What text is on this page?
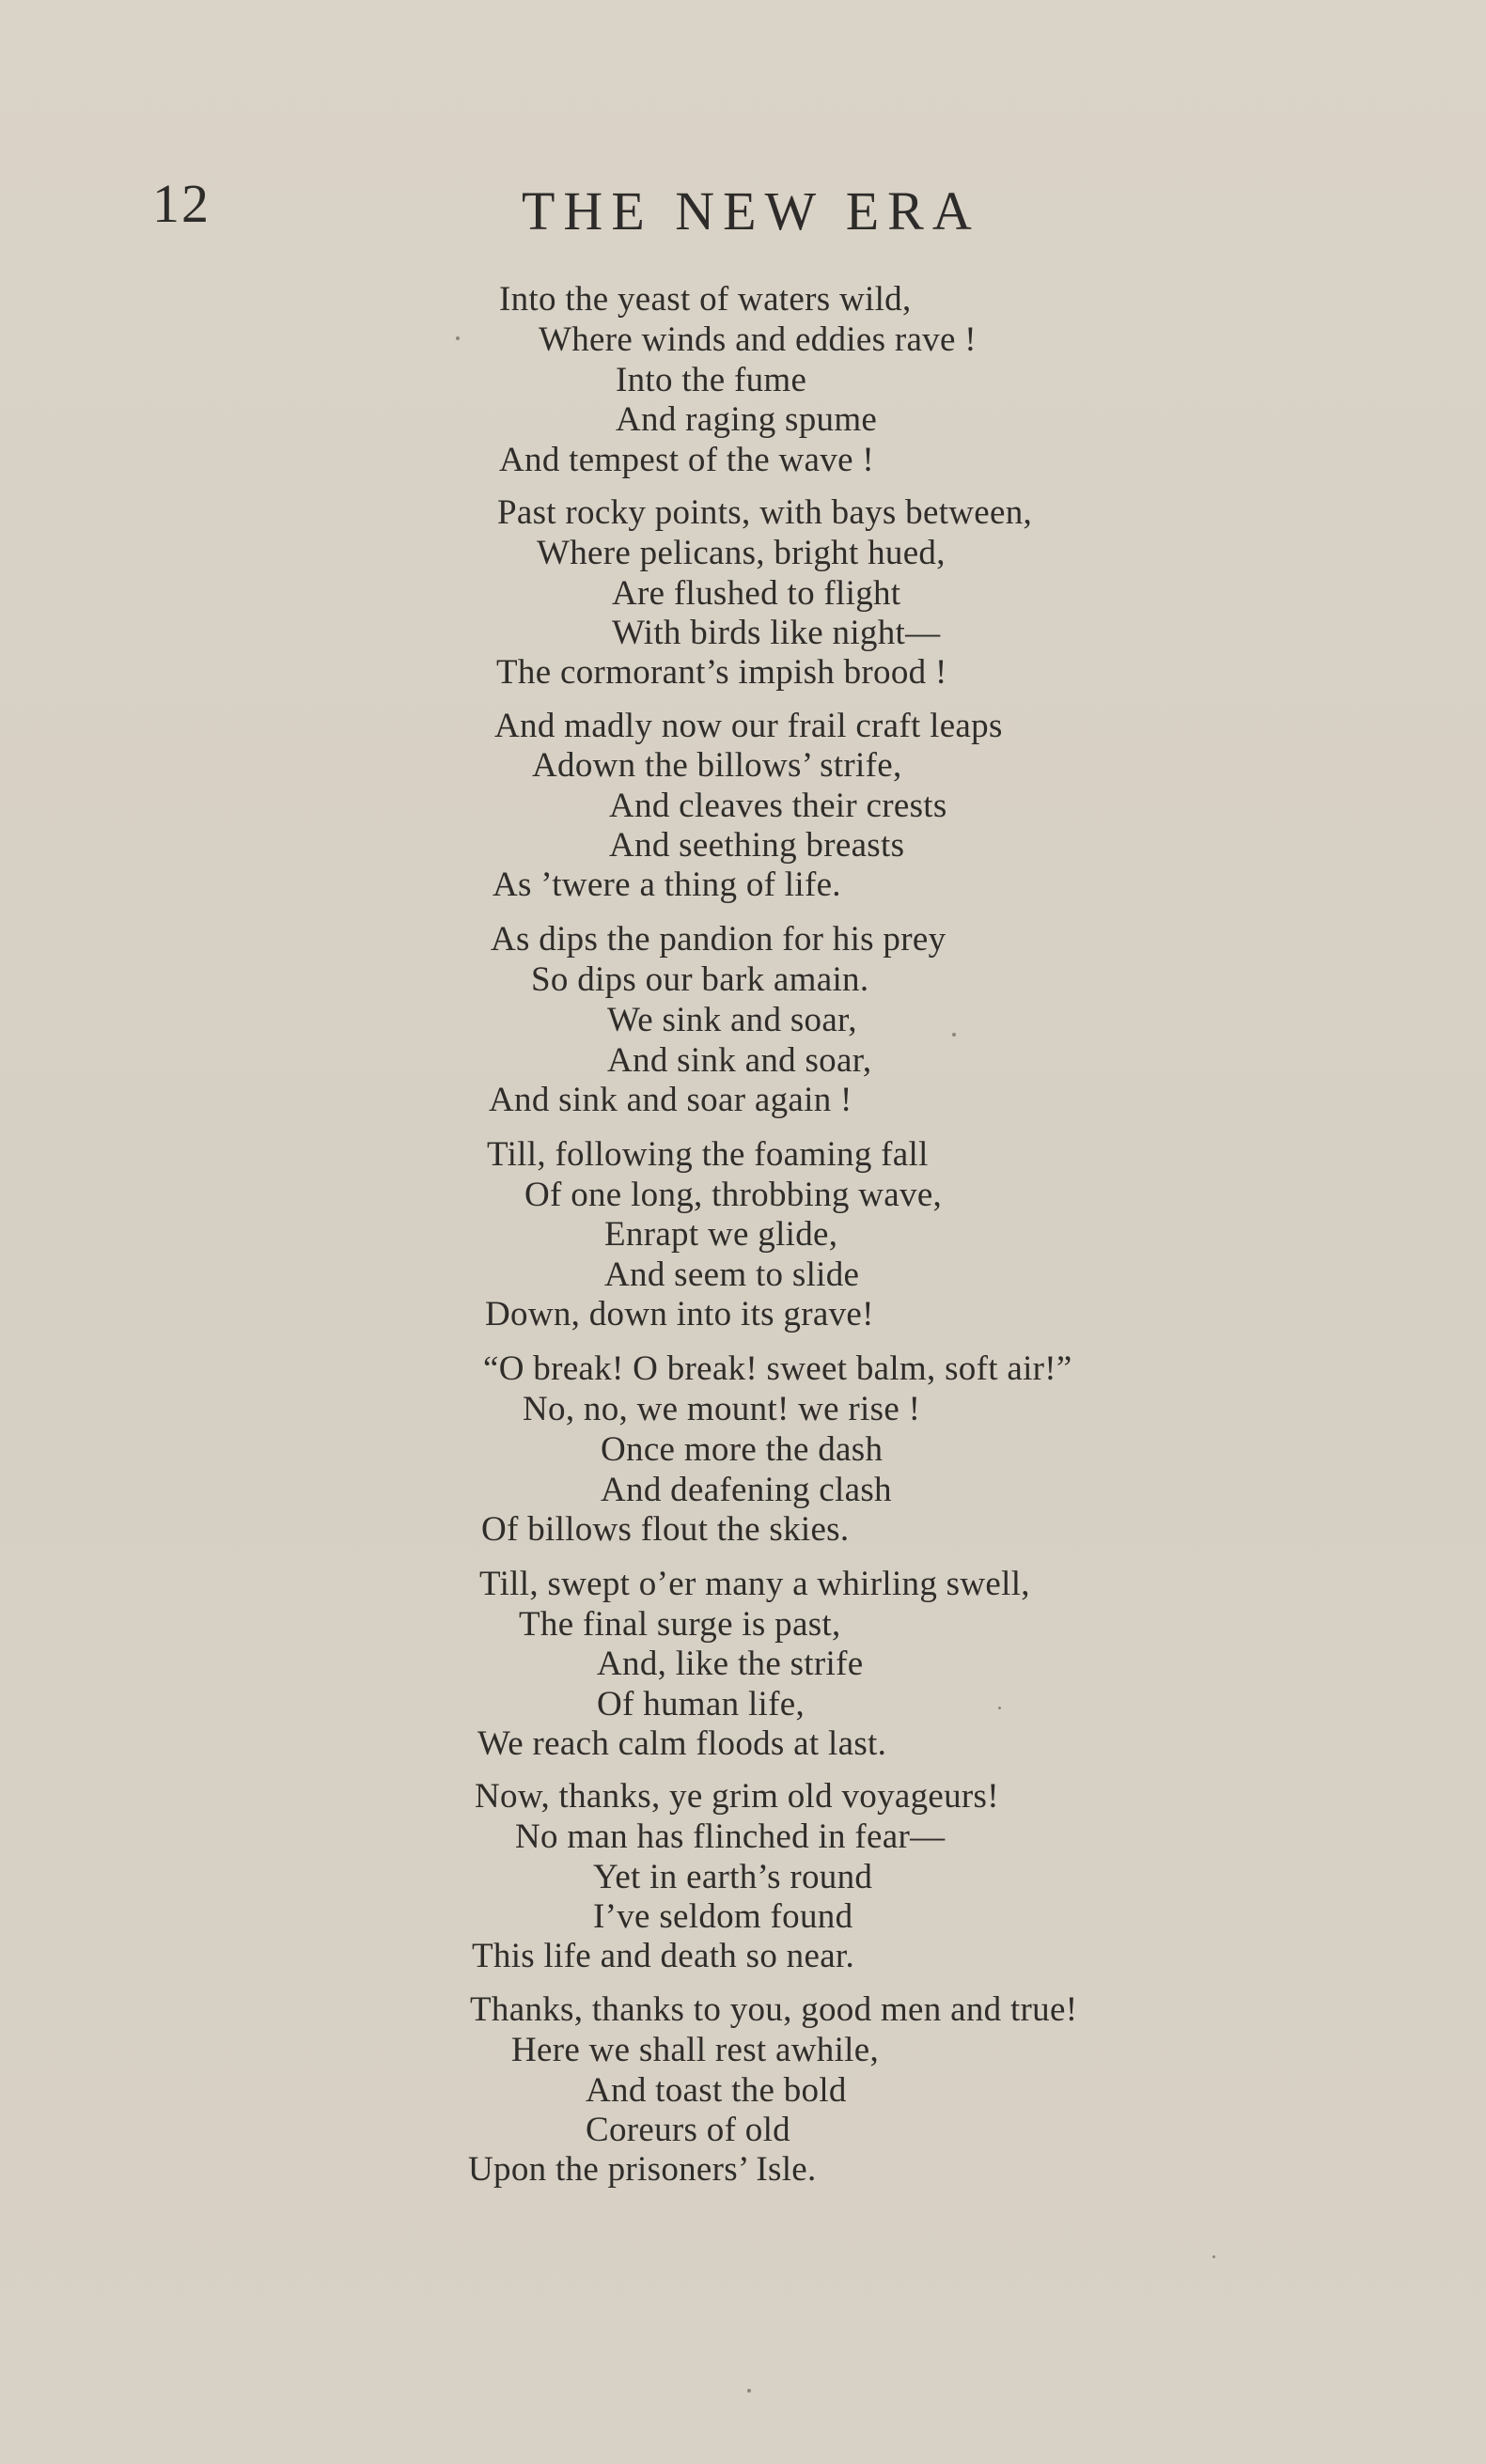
12	THE NEW ERA
Into the yeast of waters wild,
Where winds and eddies rave !
Into the fume
And raging spume
And tempest of the wave !
Past rocky points, with bays between,
Where pelicans, bright hued,
Are flushed to flight
With birds like night—
The cormorant’s impish brood !
And madly now our frail craft leaps
Adown the billows’ strife,
And cleaves their crests
And seething breasts
As ’twere a thing of life.
As dips the pandion for his prey
So dips our bark amain.
We sink and soar,
And sink and soar,
And sink and soar again !
Till, following the foaming fall
Of one long, throbbing wave,
Enrapt we glide,
And seem to slide
Down, down into its grave!
“O break! O break! sweet balm, soft air!”
No, no, we mount! we rise !
Once more the dash
And deafening clash
Of billows flout the skies.
Till, swept o’er many a whirling swell,
The final surge is past,
And, like the strife
Of human life,
We reach calm floods at last.
Now, thanks, ye grim old voyageurs!
No man has flinched in fear—
Yet in earth’s round
I’ve seldom found
This life and death so near.
Thanks, thanks to you, good men and true!
Here we shall rest awhile,
And toast the bold
Coreurs of old
Upon the prisoners’ Isle.
